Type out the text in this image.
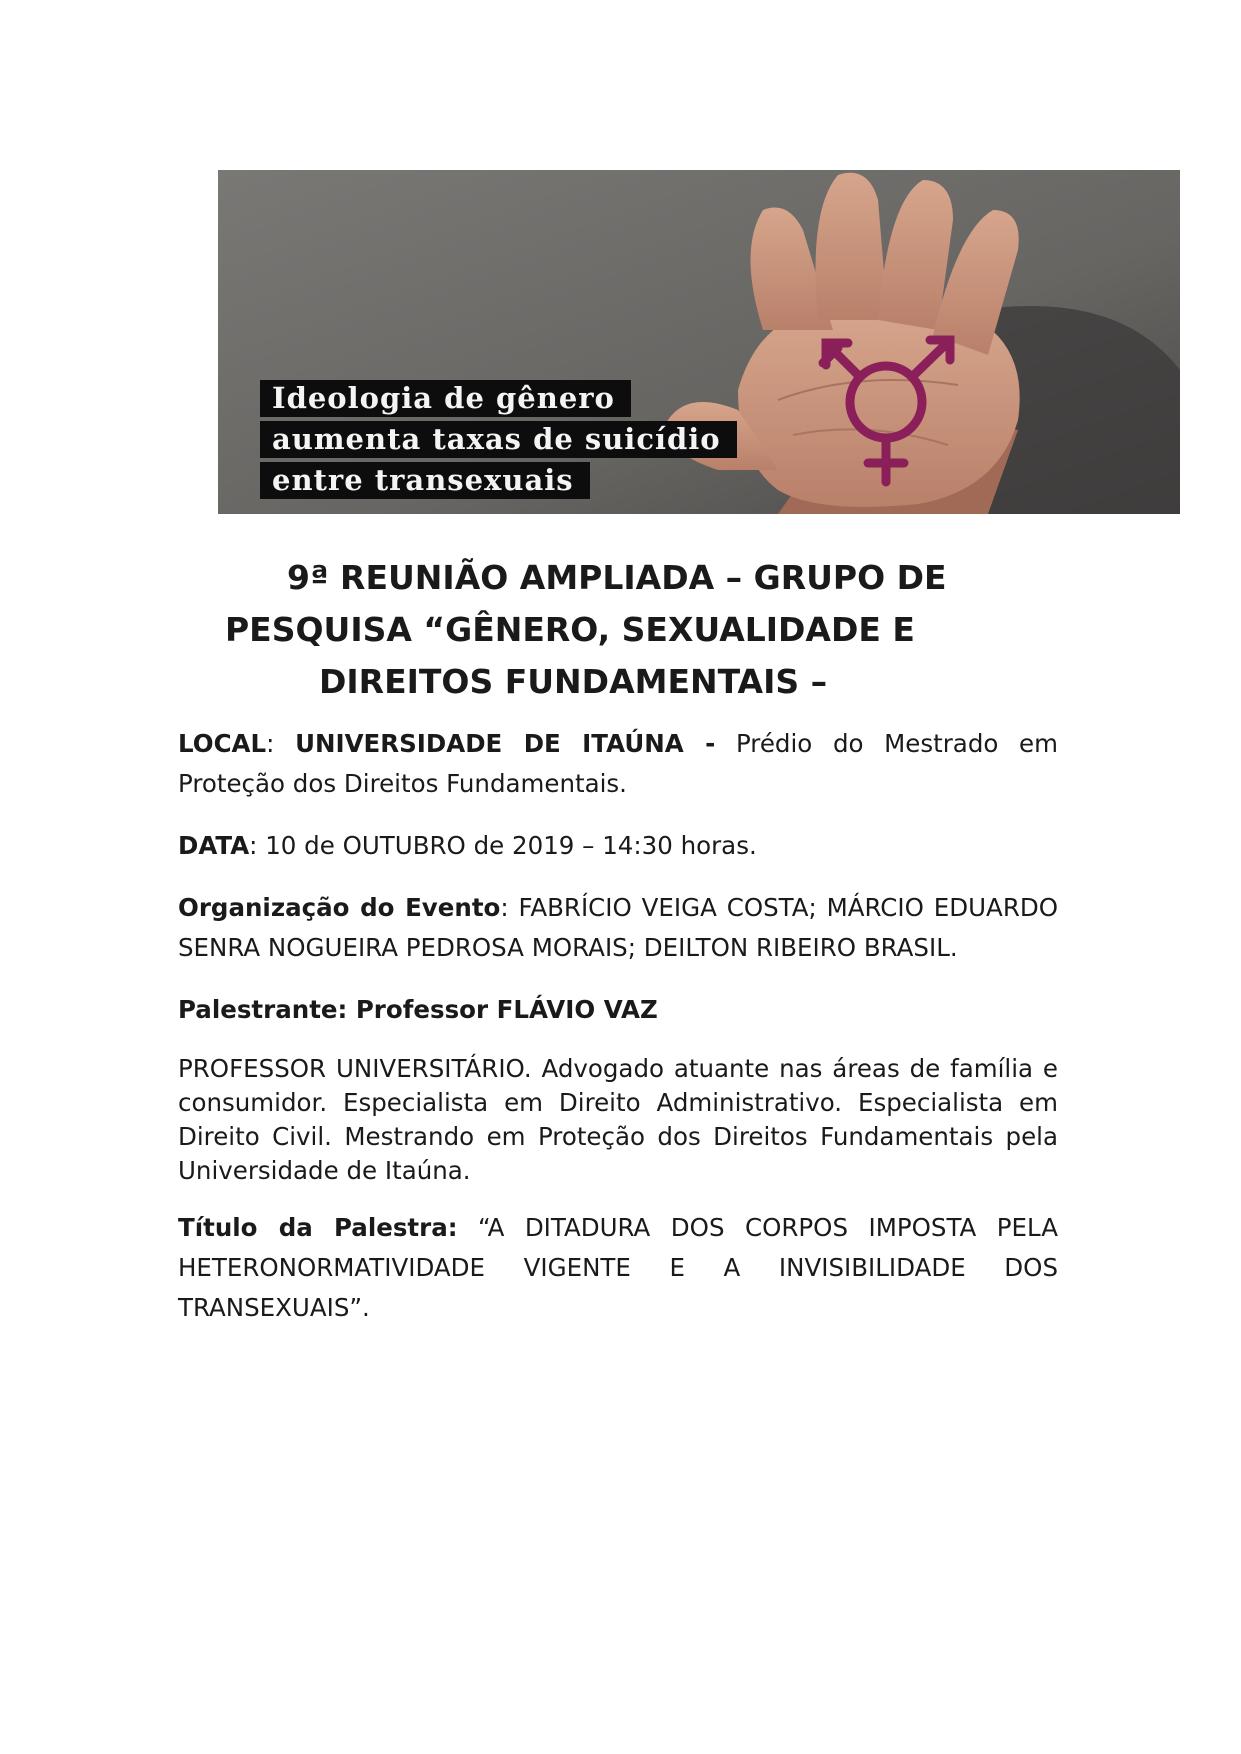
Ideologia de gênero
aumenta taxas de suicídio
entre transexuais
9ª REUNIÃO AMPLIADA – GRUPO DE
PESQUISA “GÊNERO, SEXUALIDADE E
DIREITOS FUNDAMENTAIS –

LOCAL: UNIVERSIDADE DE ITAÚNA - Prédio do Mestrado em Proteção dos Direitos Fundamentais.

DATA: 10 de OUTUBRO de 2019 – 14:30 horas.

Organização do Evento: FABRÍCIO VEIGA COSTA; MÁRCIO EDUARDO SENRA NOGUEIRA PEDROSA MORAIS; DEILTON RIBEIRO BRASIL.

Palestrante: Professor FLÁVIO VAZ

PROFESSOR UNIVERSITÁRIO. Advogado atuante nas áreas de família e consumidor. Especialista em Direito Administrativo. Especialista em Direito Civil. Mestrando em Proteção dos Direitos Fundamentais pela Universidade de Itaúna.

Título da Palestra: “A DITADURA DOS CORPOS IMPOSTA PELA HETERONORMATIVIDADE VIGENTE E A INVISIBILIDADE DOS TRANSEXUAIS”.
